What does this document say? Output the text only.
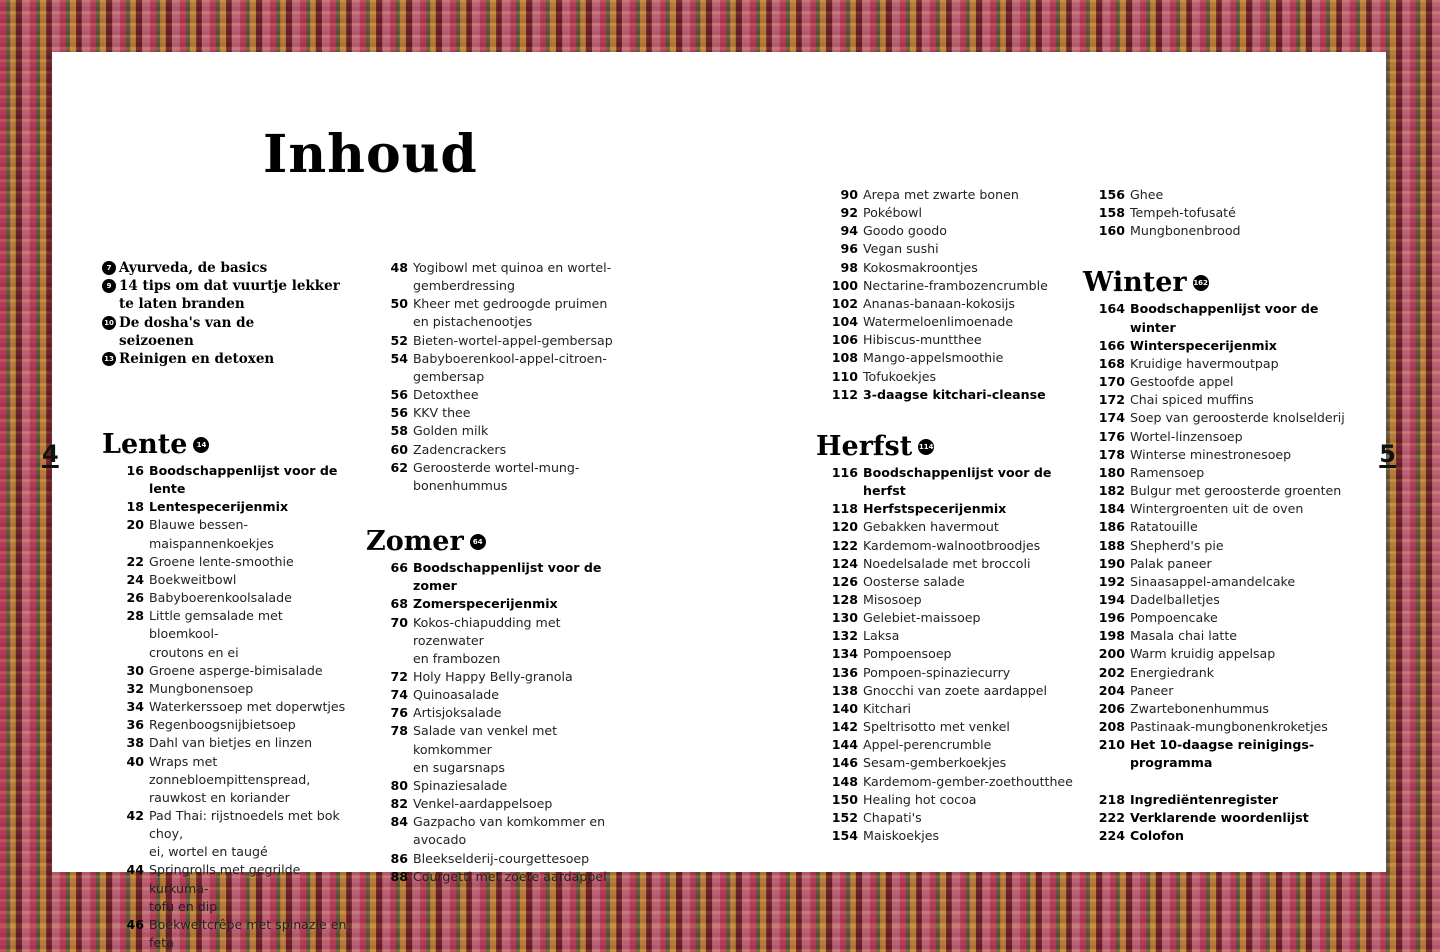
4	5
Inhoud
7 Ayurveda, de basics
9 14 tips om dat vuurtje lekker
te laten branden
10 De dosha's van de
seizoenen
13 Reinigen en detoxen
Lente	14
16 Boodschappenlijst voor de lente
18 Lentespecerijenmix
20 Blauwe bessen-maispannenkoekjes
22 Groene lente-smoothie
24 Boekweitbowl
26 Babyboerenkoolsalade
28 Little gemsalade met bloemkool-
croutons en ei
30 Groene asperge-bimisalade
32 Mungbonensoep
34 Waterkerssoep met doperwtjes
36 Regenboogsnijbietsoep
38 Dahl van bietjes en linzen
40 Wraps met zonnebloempittenspread,
rauwkost en koriander
42 Pad Thai: rijstnoedels met bok choy,
ei, wortel en taugé
44 Springrolls met gegrilde kurkuma-
tofu en dip
46 Boekweitcrêpe met spinazie en feta
48 Yogibowl met quinoa en wortel-
gemberdressing
50 Kheer met gedroogde pruimen
en pistachenootjes
52 Bieten-wortel-appel-gembersap
54 Babyboerenkool-appel-citroen-
gembersap
56 Detoxthee
56 KKV thee
58 Golden milk
60 Zadencrackers
62 Geroosterde wortel-mung-
bonenhummus
Zomer	64
66 Boodschappenlijst voor de zomer
68 Zomerspecerijenmix
70 Kokos-chiapudding met rozenwater
en frambozen
72 Holy Happy Belly-granola
74 Quinoasalade
76 Artisjoksalade
78 Salade van venkel met komkommer
en sugarsnaps
80 Spinaziesalade
82 Venkel-aardappelsoep
84 Gazpacho van komkommer en
avocado
86 Bleekselderij-courgettesoep
88 Courgetti met zoete aardappel
90 Arepa met zwarte bonen
92 Pokébowl
94 Goodo goodo
96 Vegan sushi
98 Kokosmakroontjes
100 Nectarine-frambozencrumble
102 Ananas-banaan-kokosijs
104 Watermeloenlimoenade
106 Hibiscus-muntthee
108 Mango-appelsmoothie
110 Tofukoekjes
112 3-daagse kitchari-cleanse
Herfst 114
116 Boodschappenlijst voor de herfst
118 Herfstspecerijenmix
120 Gebakken havermout
122 Kardemom-walnootbroodjes
124 Noedelsalade met broccoli
126 Oosterse salade
128 Misosoep
130 Gelebiet-maissoep
132 Laksa
134 Pompoensoep
136 Pompoen-spinaziecurry
138 Gnocchi van zoete aardappel
140 Kitchari
142 Speltrisotto met venkel
144 Appel-perencrumble
146 Sesam-gemberkoekjes
148 Kardemom-gember-zoethoutthee
150 Healing hot cocoa
152 Chapati's
154 Maiskoekjes
156 Ghee
158 Tempeh-tofusaté
160 Mungbonenbrood
Winter 162
164 Boodschappenlijst voor de winter
166 Winterspecerijenmix
168 Kruidige havermoutpap
170 Gestoofde appel
172 Chai spiced muffins
174 Soep van geroosterde knolselderij
176 Wortel-linzensoep
178 Winterse minestronesoep
180 Ramensoep
182 Bulgur met geroosterde groenten
184 Wintergroenten uit de oven
186 Ratatouille
188 Shepherd's pie
190 Palak paneer
192 Sinaasappel-amandelcake
194 Dadelballetjes
196 Pompoencake
198 Masala chai latte
200 Warm kruidig appelsap
202 Energiedrank
204 Paneer
206 Zwartebonenhummus
208 Pastinaak-mungbonenkroketjes
210 Het 10-daagse reinigings-
programma
218 Ingrediëntenregister
222 Verklarende woordenlijst
224 Colofon
